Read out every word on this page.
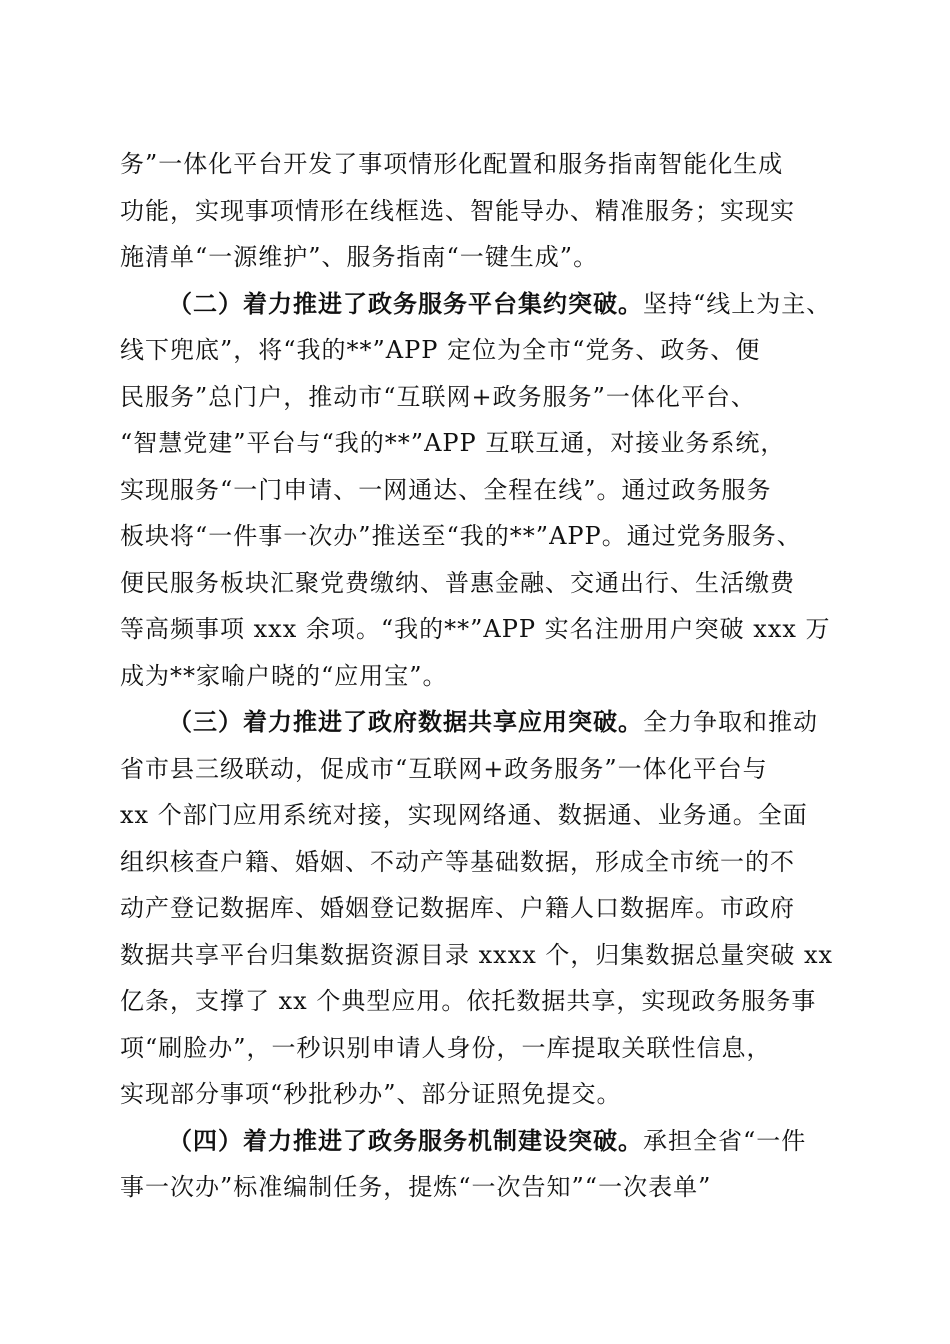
务”一体化平台开发了事项情形化配置和服务指南智能化生成
功能，实现事项情形在线框选、智能导办、精准服务；实现实
施清单“一源维护”、服务指南“一键生成”。
（二）着力推进了政务服务平台集约突破。坚持“线上为主、
线下兜底”，将“我的**”APP 定位为全市“党务、政务、便
民服务”总门户，推动市“互联网+政务服务”一体化平台、
“智慧党建”平台与“我的**”APP 互联互通，对接业务系统，
实现服务“一门申请、一网通达、全程在线”。通过政务服务
板块将“一件事一次办”推送至“我的**”APP。通过党务服务、
便民服务板块汇聚党费缴纳、普惠金融、交通出行、生活缴费
等高频事项 xxx 余项。“我的**”APP 实名注册用户突破 xxx 万
成为**家喻户晓的“应用宝”。
（三）着力推进了政府数据共享应用突破。全力争取和推动
省市县三级联动，促成市“互联网+政务服务”一体化平台与
xx 个部门应用系统对接，实现网络通、数据通、业务通。全面
组织核查户籍、婚姻、不动产等基础数据，形成全市统一的不
动产登记数据库、婚姻登记数据库、户籍人口数据库。市政府
数据共享平台归集数据资源目录 xxxx 个，归集数据总量突破 xx
亿条，支撑了 xx 个典型应用。依托数据共享，实现政务服务事
项“刷脸办”，一秒识别申请人身份，一库提取关联性信息，
实现部分事项“秒批秒办”、部分证照免提交。
（四）着力推进了政务服务机制建设突破。承担全省“一件
事一次办”标准编制任务，提炼“一次告知”“一次表单”
